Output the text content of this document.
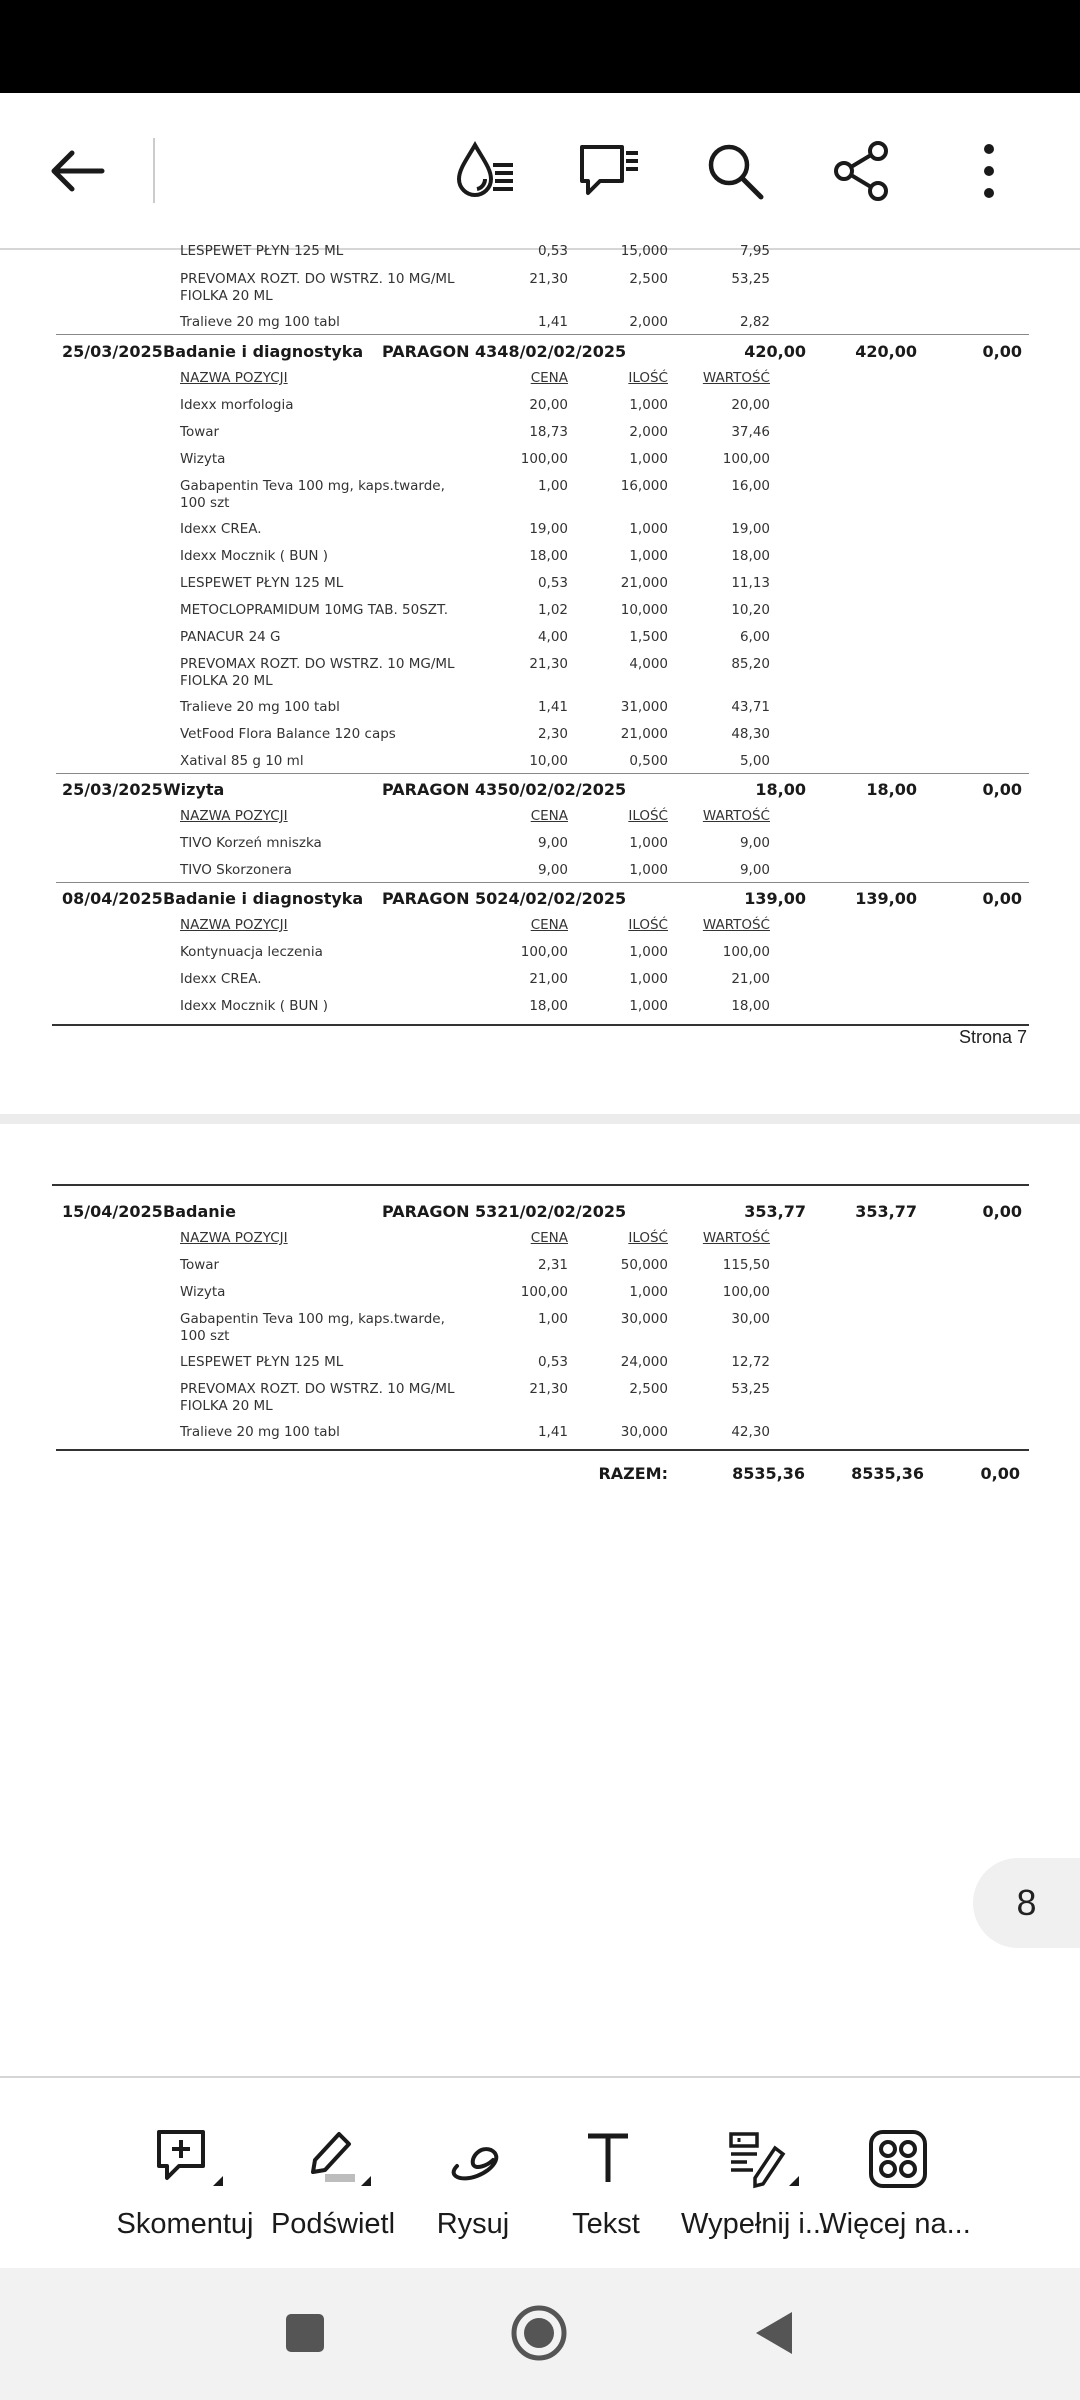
LESPEWET PŁYN 125 ML	0,53	15,000	7,95
PREVOMAX ROZT. DO WSTRZ. 10 MG/ML FIOLKA 20 ML
21,30	2,500	53,25
Tralieve 20 mg 100 tabl	1,41	2,000	2,82
25/03/2025 Badanie i diagnostyka PARAGON 4348/02/02/2025	420,00	420,00	0,00
NAZWA POZYCJI	CENA	ILOŚĆ	WARTOŚĆ
Idexx morfologia	20,00	1,000	20,00
Towar	18,73	2,000	37,46
Wizyta	100,00	1,000	100,00
Gabapentin Teva 100 mg, kaps.twarde, 100 szt
1,00	16,000	16,00
Idexx CREA.	19,00	1,000	19,00
Idexx Mocznik ( BUN )	18,00	1,000	18,00
LESPEWET PŁYN 125 ML	0,53	21,000	11,13
METOCLOPRAMIDUM 10MG TAB. 50SZT.	1,02	10,000	10,20
PANACUR 24 G	4,00	1,500	6,00
PREVOMAX ROZT. DO WSTRZ. 10 MG/ML FIOLKA 20 ML
21,30	4,000	85,20
Tralieve 20 mg 100 tabl	1,41	31,000	43,71
VetFood Flora Balance 120 caps	2,30	21,000	48,30
Xatival 85 g 10 ml	10,00	0,500	5,00
25/03/2025 Wizyta	PARAGON 4350/02/02/2025	18,00	18,00	0,00
NAZWA POZYCJI	CENA	ILOŚĆ	WARTOŚĆ
TIVO Korzeń mniszka	9,00	1,000	9,00
TIVO Skorzonera	9,00	1,000	9,00
08/04/2025 Badanie i diagnostyka PARAGON 5024/02/02/2025	139,00	139,00	0,00
NAZWA POZYCJI	CENA	ILOŚĆ	WARTOŚĆ
Kontynuacja leczenia	100,00	1,000	100,00
Idexx CREA.	21,00	1,000	21,00
Idexx Mocznik ( BUN )	18,00	1,000	18,00
Strona 7
15/04/2025 Badanie	PARAGON 5321/02/02/2025	353,77	353,77	0,00
NAZWA POZYCJI	CENA	ILOŚĆ	WARTOŚĆ
Towar	2,31	50,000	115,50
Wizyta	100,00	1,000	100,00
Gabapentin Teva 100 mg, kaps.twarde, 100 szt
1,00	30,000	30,00
LESPEWET PŁYN 125 ML	0,53	24,000	12,72
PREVOMAX ROZT. DO WSTRZ. 10 MG/ML FIOLKA 20 ML
21,30	2,500	53,25
Tralieve 20 mg 100 tabl	1,41	30,000	42,30
RAZEM:	8535,36	8535,36	0,00
8
Skomentuj Podświetl	Rysuj	Tekst	Wypełnij i...
Więcej na...
